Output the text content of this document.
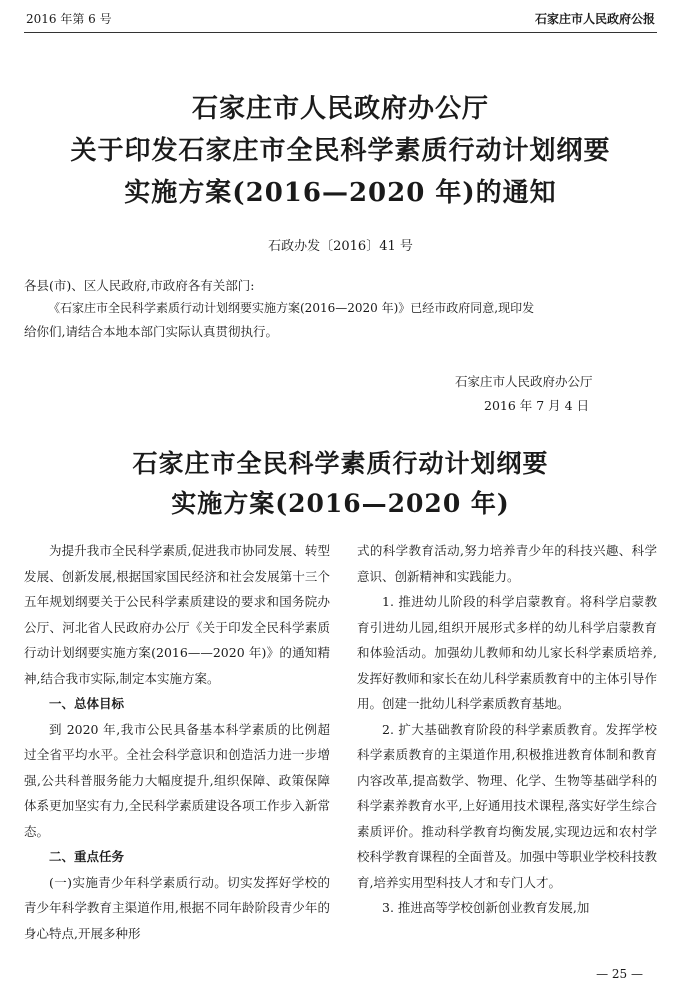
2016 年第 6 号	石家庄市人民政府公报
石家庄市人民政府办公厅
关于印发石家庄市全民科学素质行动计划纲要
实施方案(2016—2020 年)的通知
石政办发〔2016〕41 号
各县(市)、区人民政府,市政府各有关部门:
《石家庄市全民科学素质行动计划纲要实施方案(2016—2020 年)》已经市政府同意,现印发
给你们,请结合本地本部门实际认真贯彻执行。
石家庄市人民政府办公厅
2016 年 7 月 4 日
石家庄市全民科学素质行动计划纲要
实施方案(2016—2020 年)

为提升我市全民科学素质,促进我市协同发展、转型发展、创新发展,根据国家国民经济和社会发展第十三个五年规划纲要关于公民科学素质建设的要求和国务院办公厅、河北省人民政府办公厅《关于印发全民科学素质行动计划纲要实施方案(2016——2020 年)》的通知精神,结合我市实际,制定本实施方案。

一、总体目标

到 2020 年,我市公民具备基本科学素质的比例超过全省平均水平。全社会科学意识和创造活力进一步增强,公共科普服务能力大幅度提升,组织保障、政策保障体系更加坚实有力,全民科学素质建设各项工作步入新常态。

二、重点任务

(一)实施青少年科学素质行动。切实发挥好学校的青少年科学教育主渠道作用,根据不同年龄阶段青少年的身心特点,开展多种形

式的科学教育活动,努力培养青少年的科技兴趣、科学意识、创新精神和实践能力。

1. 推进幼儿阶段的科学启蒙教育。将科学启蒙教育引进幼儿园,组织开展形式多样的幼儿科学启蒙教育和体验活动。加强幼儿教师和幼儿家长科学素质培养,发挥好教师和家长在幼儿科学素质教育中的主体引导作用。创建一批幼儿科学素质教育基地。

2. 扩大基础教育阶段的科学素质教育。发挥学校科学素质教育的主渠道作用,积极推进教育体制和教育内容改革,提高数学、物理、化学、生物等基础学科的科学素养教育水平,上好通用技术课程,落实好学生综合素质评价。推动科学教育均衡发展,实现边远和农村学校科学教育课程的全面普及。加强中等职业学校科技教育,培养实用型科技人才和专门人才。

3. 推进高等学校创新创业教育发展,加

— 25 —
